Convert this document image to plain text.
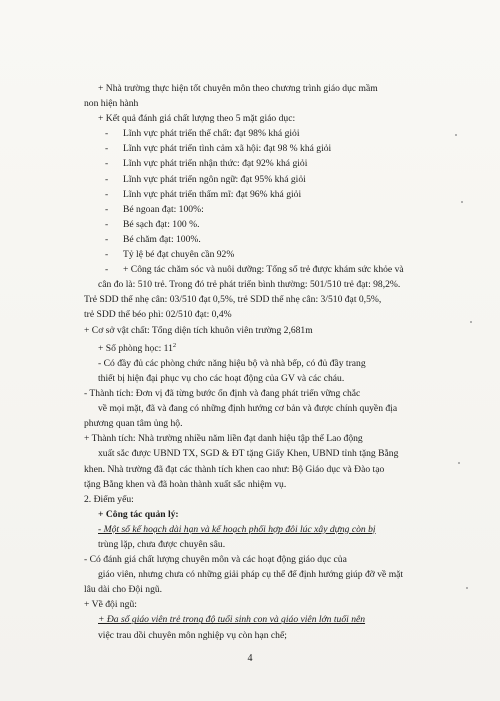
+ Nhà trường thực hiện tốt chuyên môn theo chương trình giáo dục mầm
non hiện hành
+ Kết quả đánh giá chất lượng theo 5 mặt giáo dục:
- Lĩnh vực phát triển thể chất: đạt 98% khá giỏi
- Lĩnh vực phát triển tình cảm xã hội: đạt 98 % khá giỏi
- Lĩnh vực phát triển nhận thức: đạt 92% khá giỏi
- Lĩnh vực phát triển ngôn ngữ: đạt 95% khá giỏi
- Lĩnh vực phát triển thẩm mĩ: đạt 96% khá giỏi
- Bé ngoan đạt: 100%:
- Bé sạch đạt: 100 %.
- Bé chăm đạt: 100%.
- Tỷ lệ bé đạt chuyên cần 92%
- + Công tác chăm sóc và nuôi dưỡng: Tổng số trẻ được khám sức khỏe và
cân đo là: 510 trẻ. Trong đó trẻ phát triển bình thường: 501/510 trẻ đạt: 98,2%.
Trẻ SDD thể nhẹ cân: 03/510 đạt 0,5%, trẻ SDD thể nhẹ cân: 3/510 đạt 0,5%,
trẻ SDD thể béo phì: 02/510 đạt: 0,4%
+ Cơ sở vật chất: Tổng diện tích khuôn viên trường 2,681m
+ Số phòng học: $11^2$
- Có đầy đủ các phòng chức năng hiệu bộ và nhà bếp, có đủ đầy trang
thiết bị hiện đại phục vụ cho các hoạt động của GV và các cháu.
- Thành tích: Đơn vị đã từng bước ổn định và đang phát triển vững chắc
về mọi mặt, đã và đang có những định hướng cơ bản và được chính quyền địa
phương quan tâm ủng hộ.
+ Thành tích: Nhà trường nhiều năm liền đạt danh hiệu tập thể Lao động
xuất sắc được UBND TX, SGD & ĐT tặng Giấy Khen, UBND tỉnh tặng Bằng
khen. Nhà trường đã đạt các thành tích khen cao như: Bộ Giáo dục và Đào tạo
tặng Bằng khen và đã hoàn thành xuất sắc nhiệm vụ.
2. Điểm yếu:
+ Công tác quản lý:
- Một số kế hoạch dài hạn và kế hoạch phối hợp đôi lúc xây dựng còn bị
trùng lặp, chưa được chuyên sâu.
- Có đánh giá chất lượng chuyên môn và các hoạt động giáo dục của
giáo viên, nhưng chưa có những giải pháp cụ thể để định hướng giúp đỡ về mặt
lâu dài cho Đội ngũ.
+ Về đội ngũ:
+ Đa số giáo viên trẻ trong độ tuổi sinh con và giáo viên lớn tuổi nên
việc trau dồi chuyên môn nghiệp vụ còn hạn chế;
4
